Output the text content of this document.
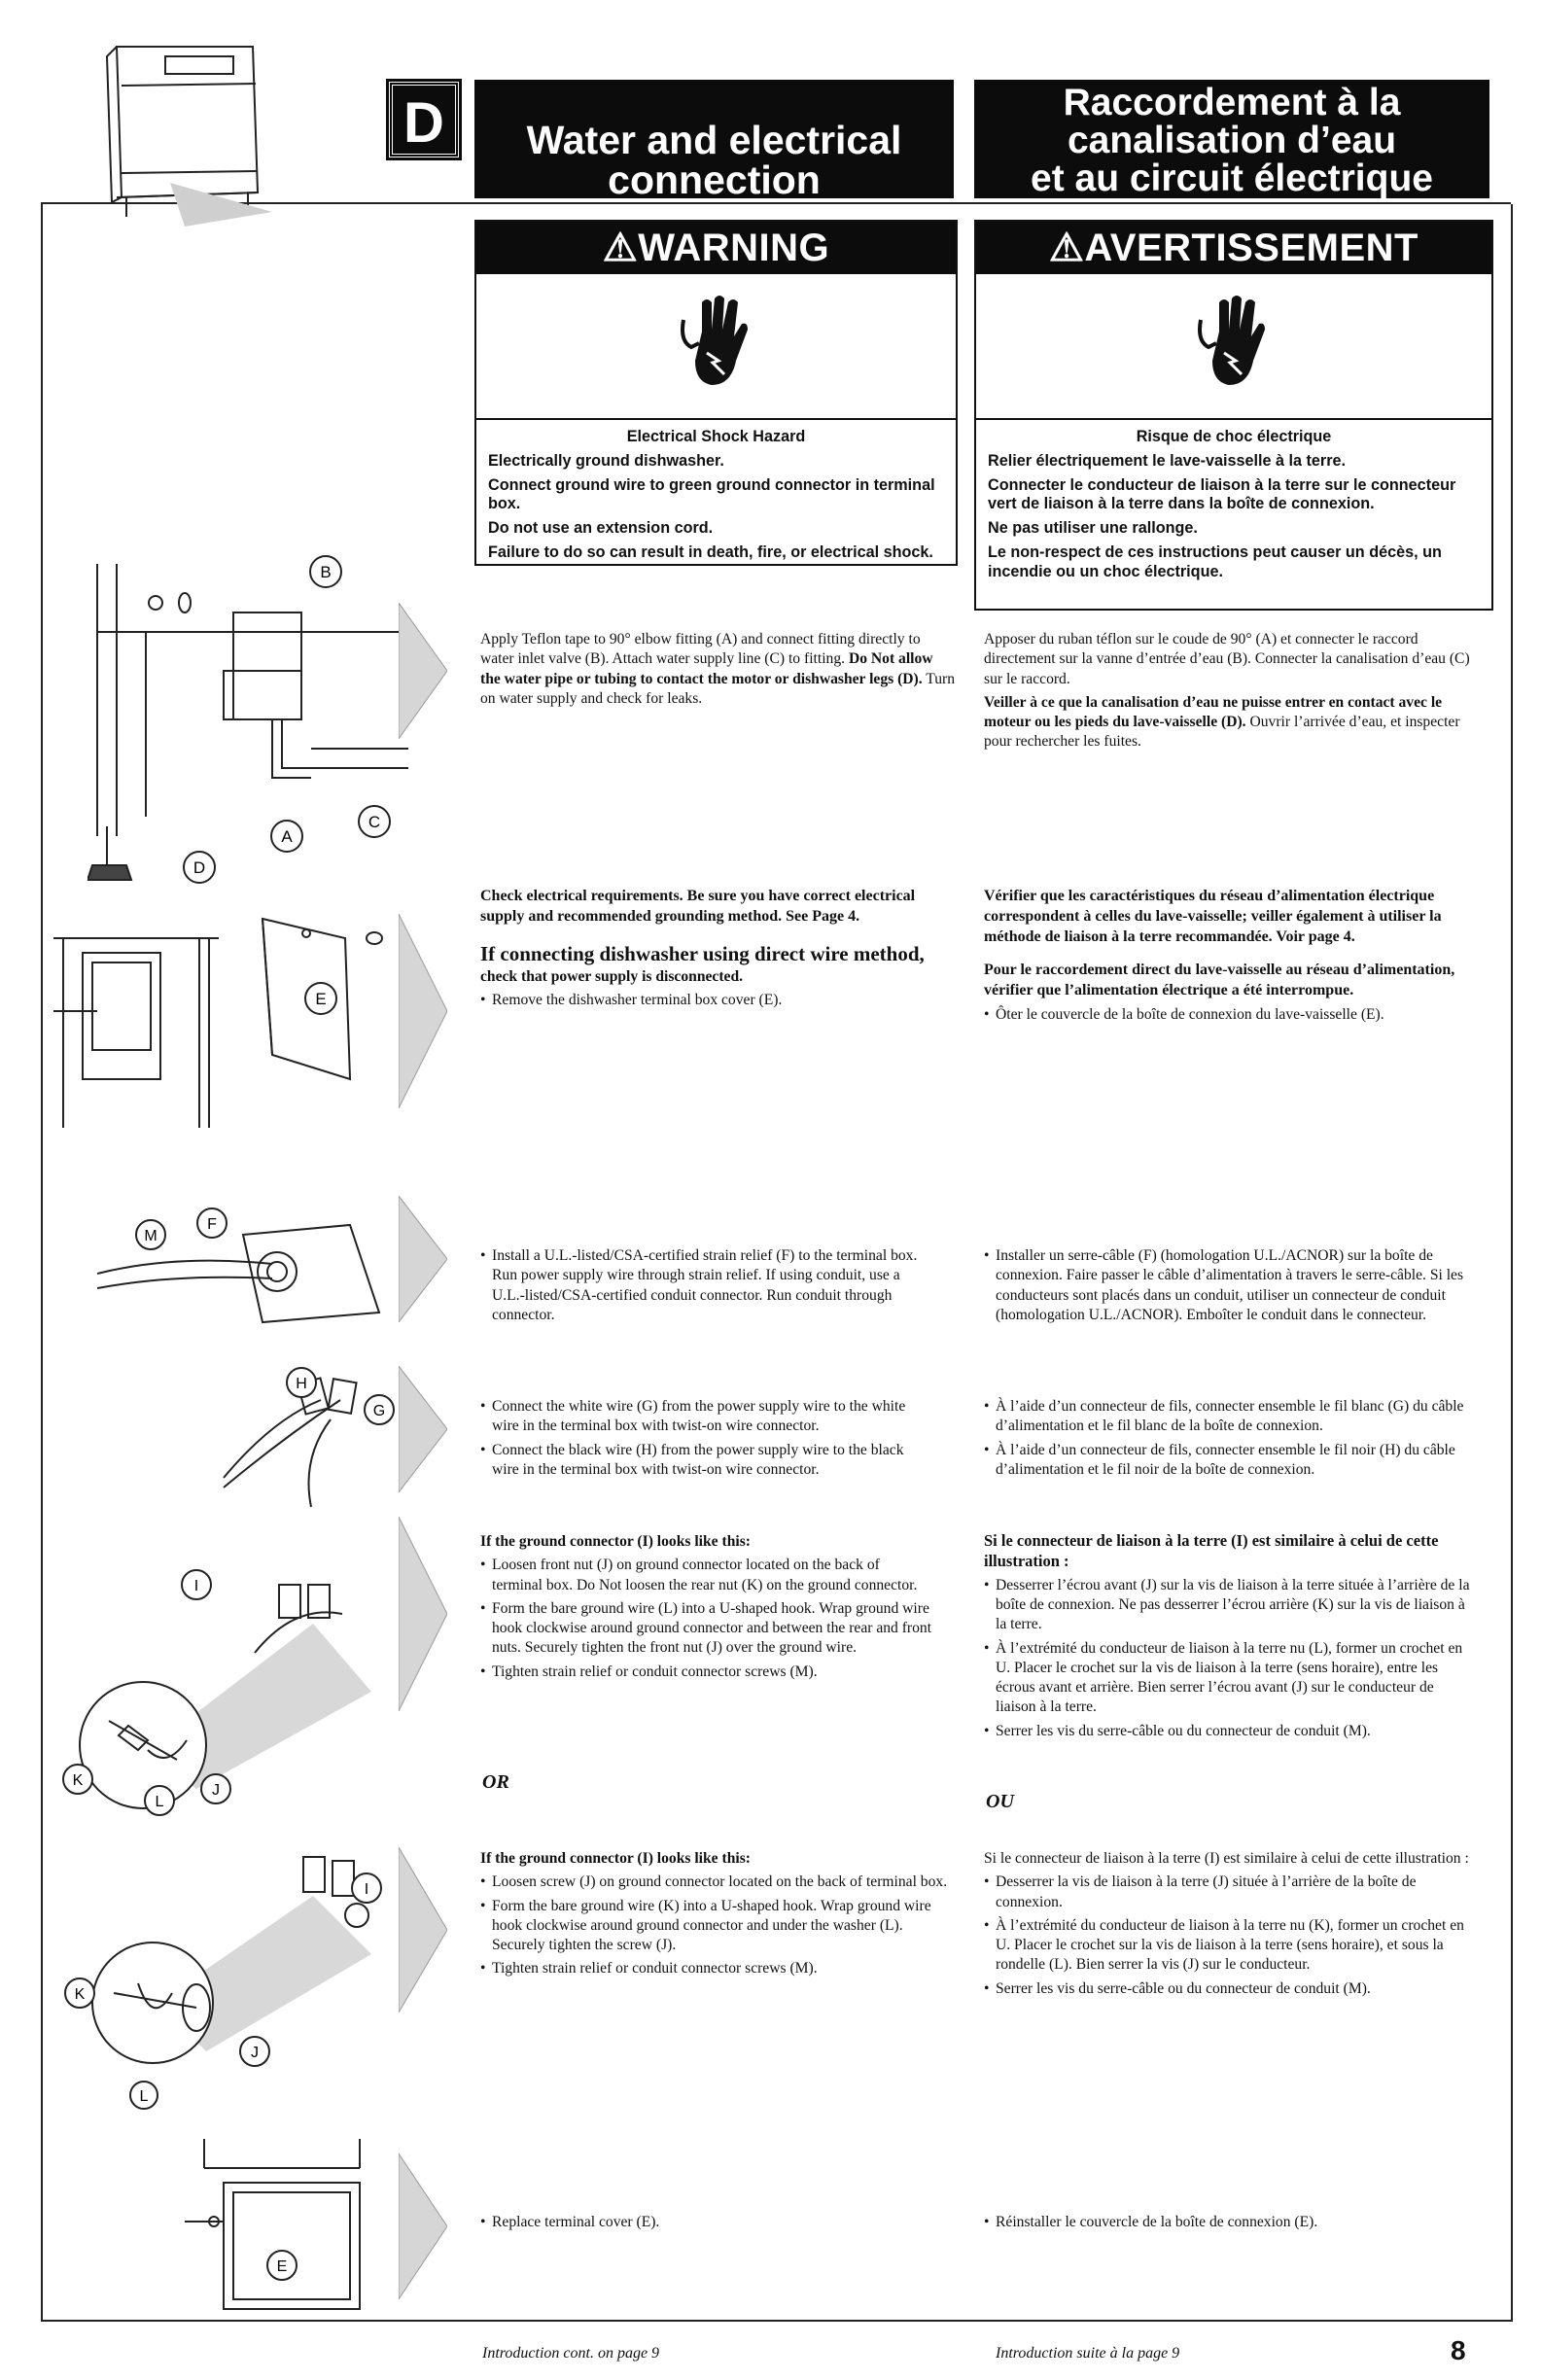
D	Water and electrical
connection
Raccordement à la
canalisation d’eau
et au circuit électrique
⚠︎WARNING

Electrical Shock Hazard

Electrically ground dishwasher.

Connect ground wire to green ground connector in terminal box.

Do not use an extension cord.

Failure to do so can result in death, fire, or electrical shock.

⚠︎AVERTISSEMENT

Risque de choc électrique

Relier électriquement le lave-vaisselle à la terre.

Connecter le conducteur de liaison à la terre sur le connecteur vert de liaison à la terre dans la boîte de connexion.

Ne pas utiliser une rallonge.

Le non-respect de ces instructions peut causer un décès, un incendie ou un choc électrique.

B
A
C
D

Apply Teflon tape to 90° elbow fitting (A) and connect fitting directly to water inlet valve (B). Attach water supply line (C) to fitting. Do Not allow the water pipe or tubing to contact the motor or dishwasher legs (D). Turn on water supply and check for leaks.

Apposer du ruban téflon sur le coude de 90° (A) et connecter le raccord directement sur la vanne d’entrée d’eau (B). Connecter la canalisation d’eau (C) sur le raccord.

Veiller à ce que la canalisation d’eau ne puisse entrer en contact avec le moteur ou les pieds du lave-vaisselle (D). Ouvrir l’arrivée d’eau, et inspecter pour rechercher les fuites.

E

Check electrical requirements. Be sure you have correct electrical supply and recommended grounding method. See Page 4.

If connecting dishwasher using direct wire method,

check that power supply is disconnected.

• Remove the dishwasher terminal box cover (E).

Vérifier que les caractéristiques du réseau d’alimentation électrique correspondent à celles du lave-vaisselle; veiller également à utiliser la méthode de liaison à la terre recommandée. Voir page 4.

Pour le raccordement direct du lave-vaisselle au réseau d’alimentation, vérifier que l’alimentation électrique a été interrompue.

• Ôter le couvercle de la boîte de connexion du lave-vaisselle (E).
M
F
• Install a U.L.-listed/CSA-certified strain relief (F) to the terminal box. Run power supply wire through strain relief. If using conduit, use a U.L.-listed/CSA-certified conduit connector. Run conduit through connector.
• Installer un serre-câble (F) (homologation U.L./ACNOR) sur la boîte de connexion. Faire passer le câble d’alimentation à travers le serre-câble. Si les conducteurs sont placés dans un conduit, utiliser un connecteur de conduit (homologation U.L./ACNOR). Emboîter le conduit dans le connecteur.
H
G	• Connect the white wire (G) from the power supply wire to the white wire in the terminal box with twist-on wire connector.
• Connect the black wire (H) from the power supply wire to the black wire in the terminal box with twist-on wire connector.
• À l’aide d’un connecteur de fils, connecter ensemble le fil blanc (G) du câble d’alimentation et le fil blanc de la boîte de connexion.
• À l’aide d’un connecteur de fils, connecter ensemble le fil noir (H) du câble d’alimentation et le fil noir de la boîte de connexion.
I
K
L
J

If the ground connector (I) looks like this:

• Loosen front nut (J) on ground connector located on the back of terminal box. Do Not loosen the rear nut (K) on the ground connector.
• Form the bare ground wire (L) into a U-shaped hook. Wrap ground wire hook clockwise around ground connector and between the rear and front nuts. Securely tighten the front nut (J) over the ground wire.
• Tighten strain relief or conduit connector screws (M).

Si le connecteur de liaison à la terre (I) est similaire à celui de cette illustration :

• Desserrer l’écrou avant (J) sur la vis de liaison à la terre située à l’arrière de la boîte de connexion. Ne pas desserrer l’écrou arrière (K) sur la vis de liaison à la terre.
• À l’extrémité du conducteur de liaison à la terre nu (L), former un crochet en U. Placer le crochet sur la vis de liaison à la terre (sens horaire), entre les écrous avant et arrière. Bien serrer l’écrou avant (J) sur le conducteur de liaison à la terre.
• Serrer les vis du serre-câble ou du connecteur de conduit (M).
OR
OU
I
K
J
L

If the ground connector (I) looks like this:

• Loosen screw (J) on ground connector located on the back of terminal box.
• Form the bare ground wire (K) into a U-shaped hook. Wrap ground wire hook clockwise around ground connector and under the washer (L). Securely tighten the screw (J).
• Tighten strain relief or conduit connector screws (M).

Si le connecteur de liaison à la terre (I) est similaire à celui de cette illustration :

• Desserrer la vis de liaison à la terre (J) située à l’arrière de la boîte de connexion.
• À l’extrémité du conducteur de liaison à la terre nu (K), former un crochet en U. Placer le crochet sur la vis de liaison à la terre (sens horaire), et sous la rondelle (L). Bien serrer la vis (J) sur le conducteur.
• Serrer les vis du serre-câble ou du connecteur de conduit (M).
E
• Replace terminal cover (E).	• Réinstaller le couvercle de la boîte de connexion (E).
Introduction cont. on page 9	Introduction suite à la page 9	8
